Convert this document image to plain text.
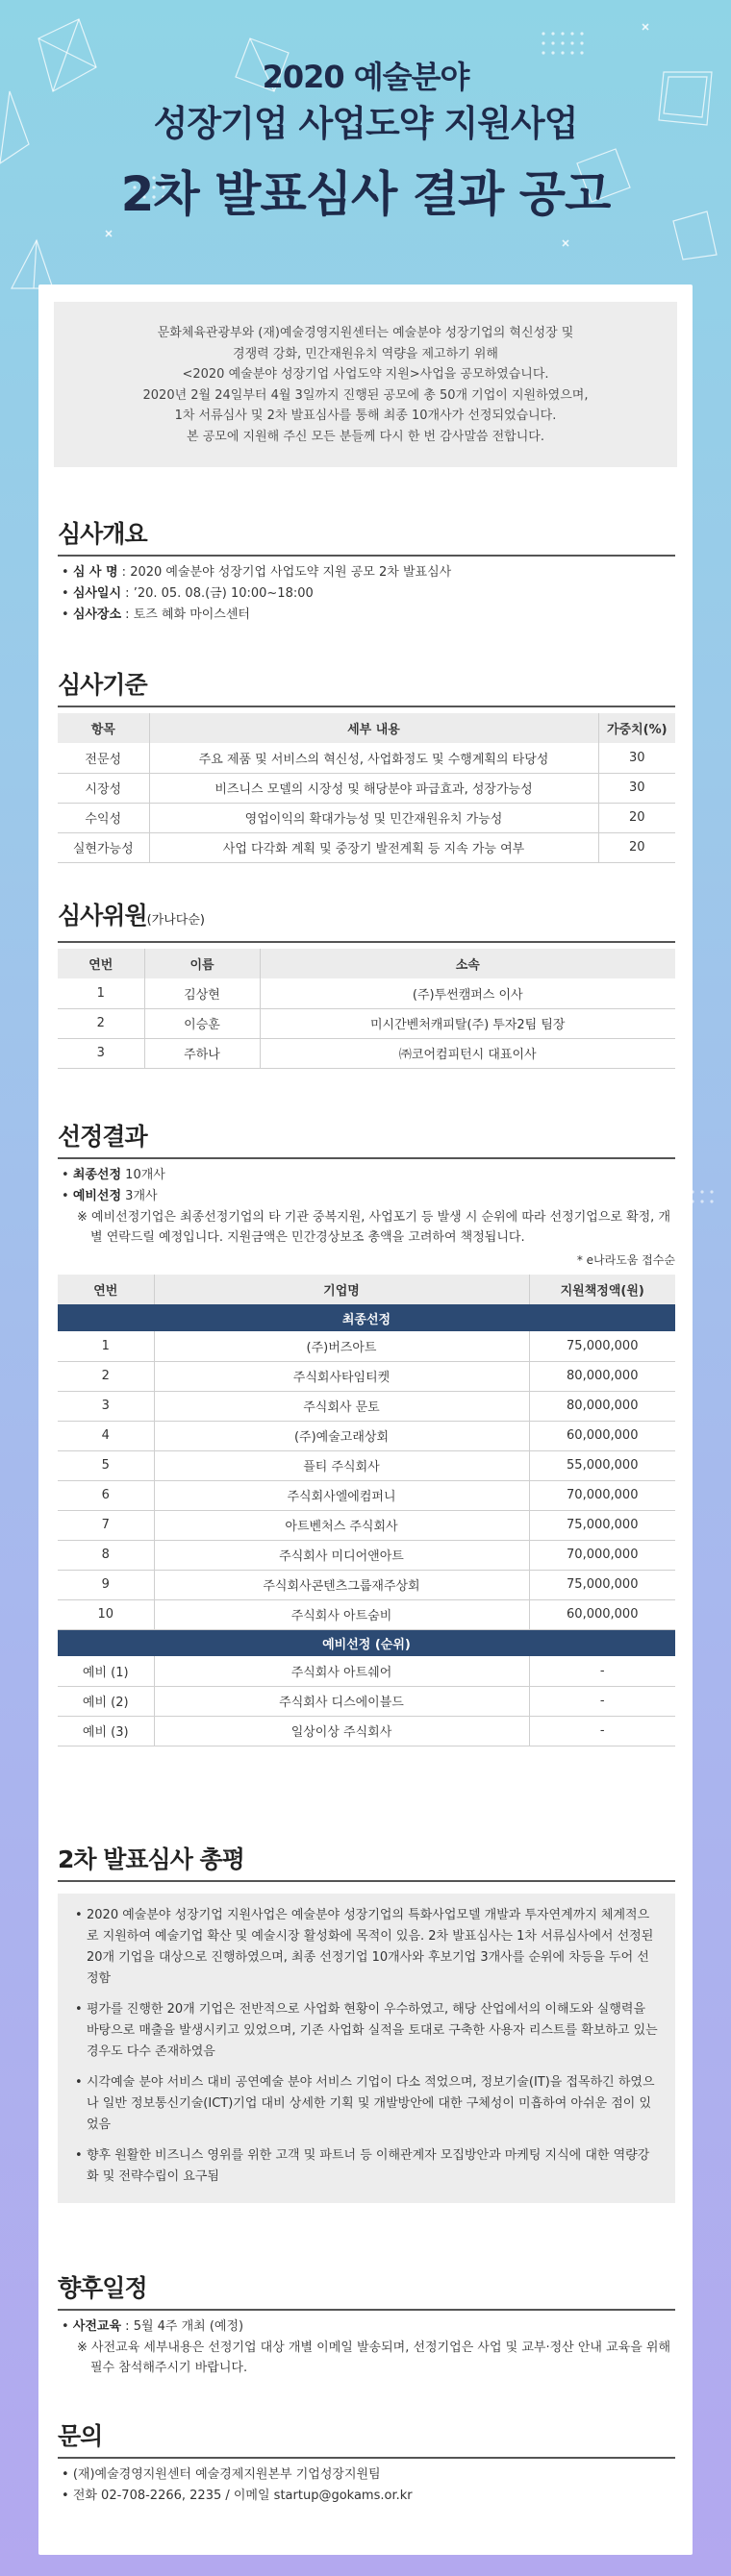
2020 예술분야
성장기업 사업도약 지원사업
2차 발표심사 결과 공고

문화체육관광부와 (재)예술경영지원센터는 예술분야 성장기업의 혁신성장 및

경쟁력 강화, 민간재원유치 역량을 제고하기 위해

<2020 예술분야 성장기업 사업도약 지원>사업을 공모하였습니다.

2020년 2월 24일부터 4월 3일까지 진행된 공모에 총 50개 기업이 지원하였으며,

1차 서류심사 및 2차 발표심사를 통해 최종 10개사가 선정되었습니다.

본 공모에 지원해 주신 모든 분들께 다시 한 번 감사말씀 전합니다.

심사개요
• 심 사 명 : 2020 예술분야 성장기업 사업도약 지원 공모 2차 발표심사
• 심사일시 : ’20. 05. 08.(금) 10:00~18:00
• 심사장소 : 토즈 혜화 마이스센터
심사기준
항목	세부 내용	가중치(%)
전문성	주요 제품 및 서비스의 혁신성, 사업화정도 및 수행계획의 타당성	30
시장성	비즈니스 모델의 시장성 및 해당분야 파급효과, 성장가능성	30
수익성	영업이익의 확대가능성 및 민간재원유치 가능성	20
실현가능성	사업 다각화 계획 및 중장기 발전계획 등 지속 가능 여부	20
심사위원(가나다순)
연번	이름	소속
1	김상현	(주)투썬캠퍼스 이사
2	이승훈	미시간벤처캐피탈(주) 투자2팀 팀장
3	주하나	㈜코어컴피턴시 대표이사
선정결과
• 최종선정 10개사
• 예비선정 3개사
※ 예비선정기업은 최종선정기업의 타 기관 중복지원, 사업포기 등 발생 시 순위에 따라 선정기업으로 확정, 개별 연락드릴 예정입니다. 지원금액은 민간경상보조 총액을 고려하여 책정됩니다.
* e나라도움 접수순
연번	기업명	지원책정액(원)
최종선정		
1	(주)버즈아트	75,000,000
2	주식회사타임티켓	80,000,000
3	주식회사 문토	80,000,000
4	(주)예술고래상회	60,000,000
5	플티 주식회사	55,000,000
6	주식회사엘에컴퍼니	70,000,000
7	아트벤처스 주식회사	75,000,000
8	주식회사 미디어앤아트	70,000,000
9	주식회사콘텐츠그룹재주상회	75,000,000
10	주식회사 아트숨비	60,000,000
예비선정 (순위)		
예비 (1)	주식회사 아트쉐어	-
예비 (2)	주식회사 디스에이블드	-
예비 (3)	일상이상 주식회사	-
2차 발표심사 총평
• 2020 예술분야 성장기업 지원사업은 예술분야 성장기업의 특화사업모델 개발과 투자연계까지 체계적으로 지원하여 예술기업 확산 및 예술시장 활성화에 목적이 있음. 2차 발표심사는 1차 서류심사에서 선정된 20개 기업을 대상으로 진행하였으며, 최종 선정기업 10개사와 후보기업 3개사를 순위에 차등을 두어 선정함
• 평가를 진행한 20개 기업은 전반적으로 사업화 현황이 우수하였고, 해당 산업에서의 이해도와 실행력을 바탕으로 매출을 발생시키고 있었으며, 기존 사업화 실적을 토대로 구축한 사용자 리스트를 확보하고 있는 경우도 다수 존재하였음
• 시각예술 분야 서비스 대비 공연예술 분야 서비스 기업이 다소 적었으며, 정보기술(IT)을 접목하긴 하였으나 일반 정보통신기술(ICT)기업 대비 상세한 기획 및 개발방안에 대한 구체성이 미흡하여 아쉬운 점이 있었음
• 향후 원활한 비즈니스 영위를 위한 고객 및 파트너 등 이해관계자 모집방안과 마케팅 지식에 대한 역량강화 및 전략수립이 요구됨
향후일정
• 사전교육 : 5월 4주 개최 (예정)
※ 사전교육 세부내용은 선정기업 대상 개별 이메일 발송되며, 선정기업은 사업 및 교부·정산 안내 교육을 위해 필수 참석해주시기 바랍니다.
문의
• (재)예술경영지원센터 예술경제지원본부 기업성장지원팀
• 전화 02-708-2266, 2235 / 이메일 startup@gokams.or.kr
